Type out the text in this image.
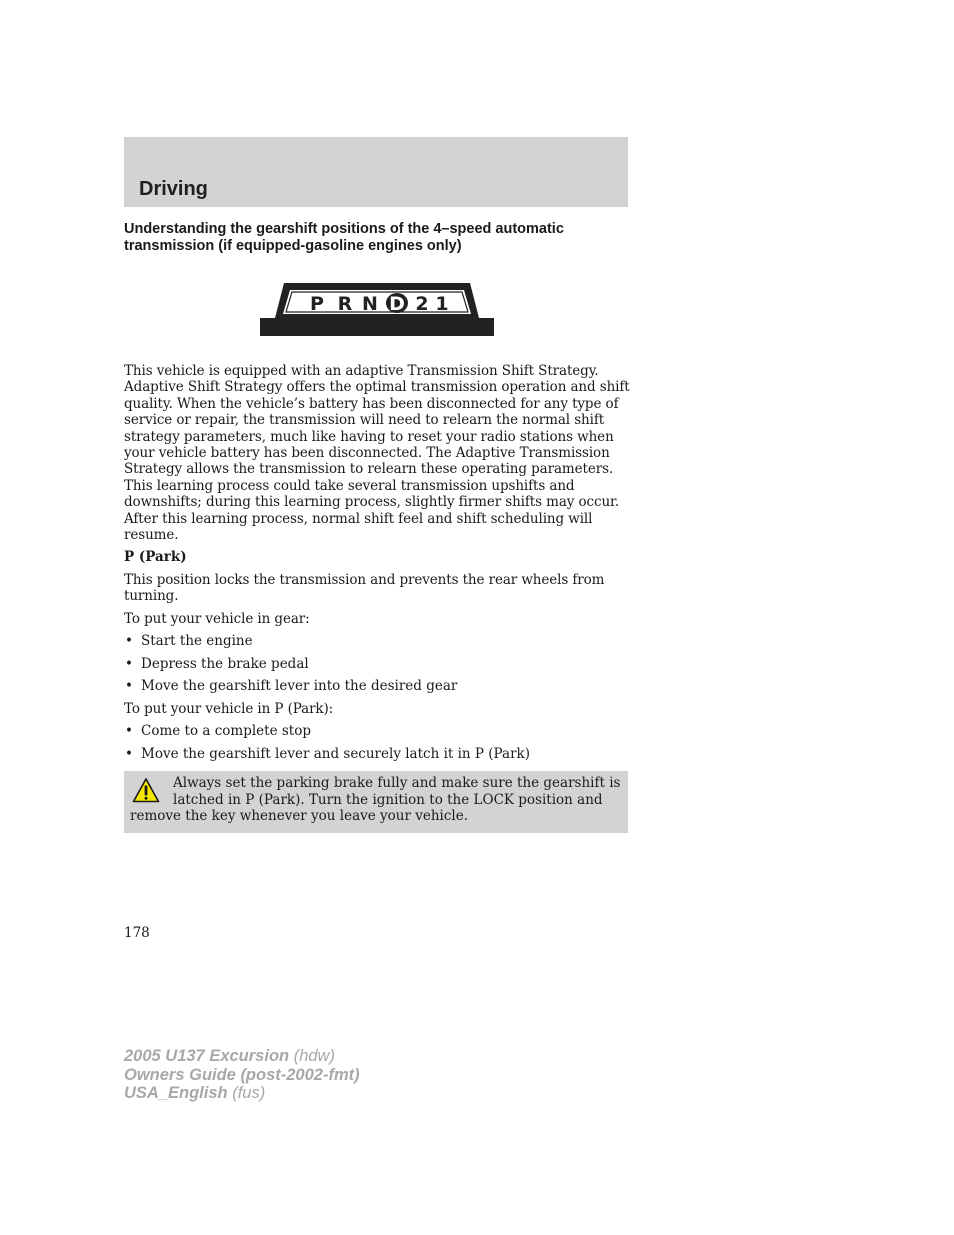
Driving
Understanding the gearshift positions of the 4–speed automatic transmission (if equipped-gasoline engines only)
P R N D 2 1

This vehicle is equipped with an adaptive Transmission Shift Strategy. Adaptive Shift Strategy offers the optimal transmission operation and shift quality. When the vehicle’s battery has been disconnected for any type of service or repair, the transmission will need to relearn the normal shift strategy parameters, much like having to reset your radio stations when your vehicle battery has been disconnected. The Adaptive Transmission Strategy allows the transmission to relearn these operating parameters. This learning process could take several transmission upshifts and downshifts; during this learning process, slightly firmer shifts may occur. After this learning process, normal shift feel and shift scheduling will resume.

P (Park)

This position locks the transmission and prevents the rear wheels from turning.

To put your vehicle in gear:

• Start the engine
• Depress the brake pedal
• Move the gearshift lever into the desired gear

To put your vehicle in P (Park):

• Come to a complete stop
• Move the gearshift lever and securely latch it in P (Park)
Always set the parking brake fully and make sure the gearshift is
latched in P (Park). Turn the ignition to the LOCK position and
remove the key whenever you leave your vehicle.
178
2005 U137 Excursion (hdw)
Owners Guide (post-2002-fmt)
USA_English (fus)
